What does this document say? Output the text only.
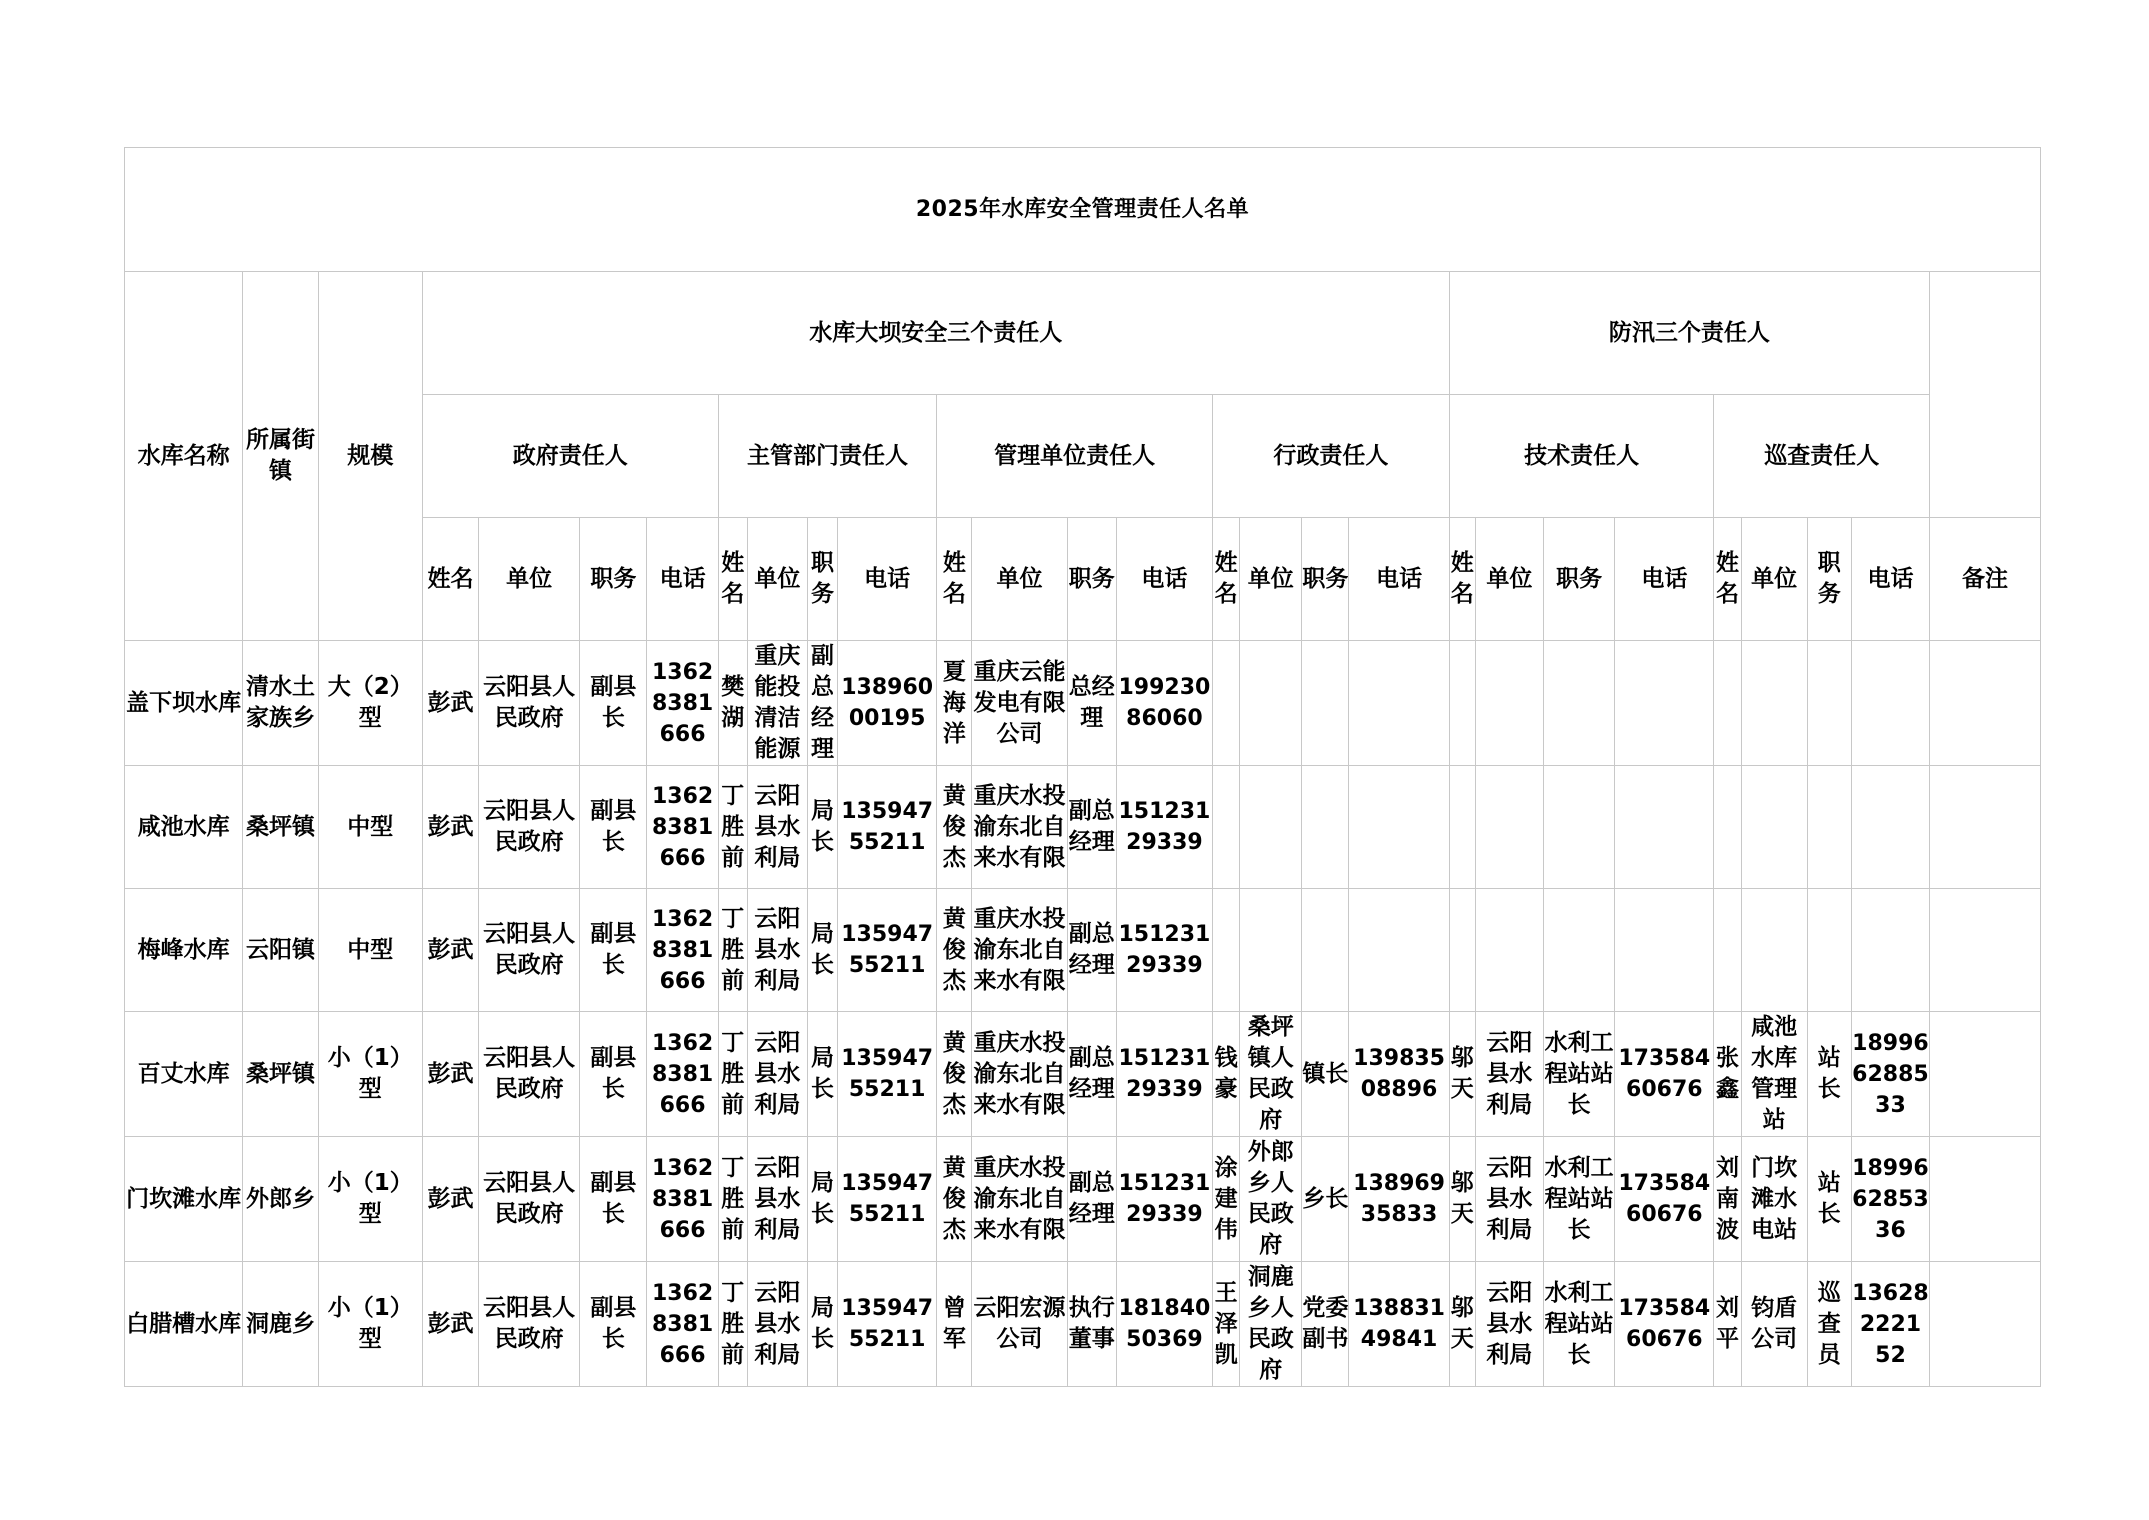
2025年水库安全管理责任人名单																											
水库名称	所属街镇	规模	水库大坝安全三个责任人																防汛三个责任人								
			政府责任人				主管部门责任人				管理单位责任人				行政责任人				技术责任人				巡查责任人				
			姓名	单位	职务	电话	姓名	单位	职务	电话	姓名	单位	职务	电话	姓名	单位	职务	电话	姓名	单位	职务	电话	姓名	单位	职务	电话	备注
盖下坝水库	清水土家族乡	大（2）型	彭武	云阳县人民政府	副县长	13628381666	樊湖	重庆能投清洁能源	副总经理	13896000195	夏海洋	重庆云能发电有限公司	总经理	19923086060													
咸池水库	桑坪镇	中型	彭武	云阳县人民政府	副县长	13628381666	丁胜前	云阳县水利局	局长	13594755211	黄俊杰	重庆水投渝东北自来水有限	副总经理	15123129339													
梅峰水库	云阳镇	中型	彭武	云阳县人民政府	副县长	13628381666	丁胜前	云阳县水利局	局长	13594755211	黄俊杰	重庆水投渝东北自来水有限	副总经理	15123129339													
百丈水库	桑坪镇	小（1）型	彭武	云阳县人民政府	副县长	13628381666	丁胜前	云阳县水利局	局长	13594755211	黄俊杰	重庆水投渝东北自来水有限	副总经理	15123129339	钱豪	桑坪镇人民政府	镇长	13983508896	邬天	云阳县水利局	水利工程站站长	17358460676	张鑫	咸池水库管理站	站长	189966288533	
门坎滩水库	外郎乡	小（1）型	彭武	云阳县人民政府	副县长	13628381666	丁胜前	云阳县水利局	局长	13594755211	黄俊杰	重庆水投渝东北自来水有限	副总经理	15123129339	涂建伟	外郎乡人民政府	乡长	13896935833	邬天	云阳县水利局	水利工程站站长	17358460676	刘南波	门坎滩水电站	站长	189966285336	
白腊槽水库	洞鹿乡	小（1）型	彭武	云阳县人民政府	副县长	13628381666	丁胜前	云阳县水利局	局长	13594755211	曾军	云阳宏源公司	执行董事	18184050369	王泽凯	洞鹿乡人民政府	党委副书	13883149841	邬天	云阳县水利局	水利工程站站长	17358460676	刘平	钧盾公司	巡查员	136282221 52	
